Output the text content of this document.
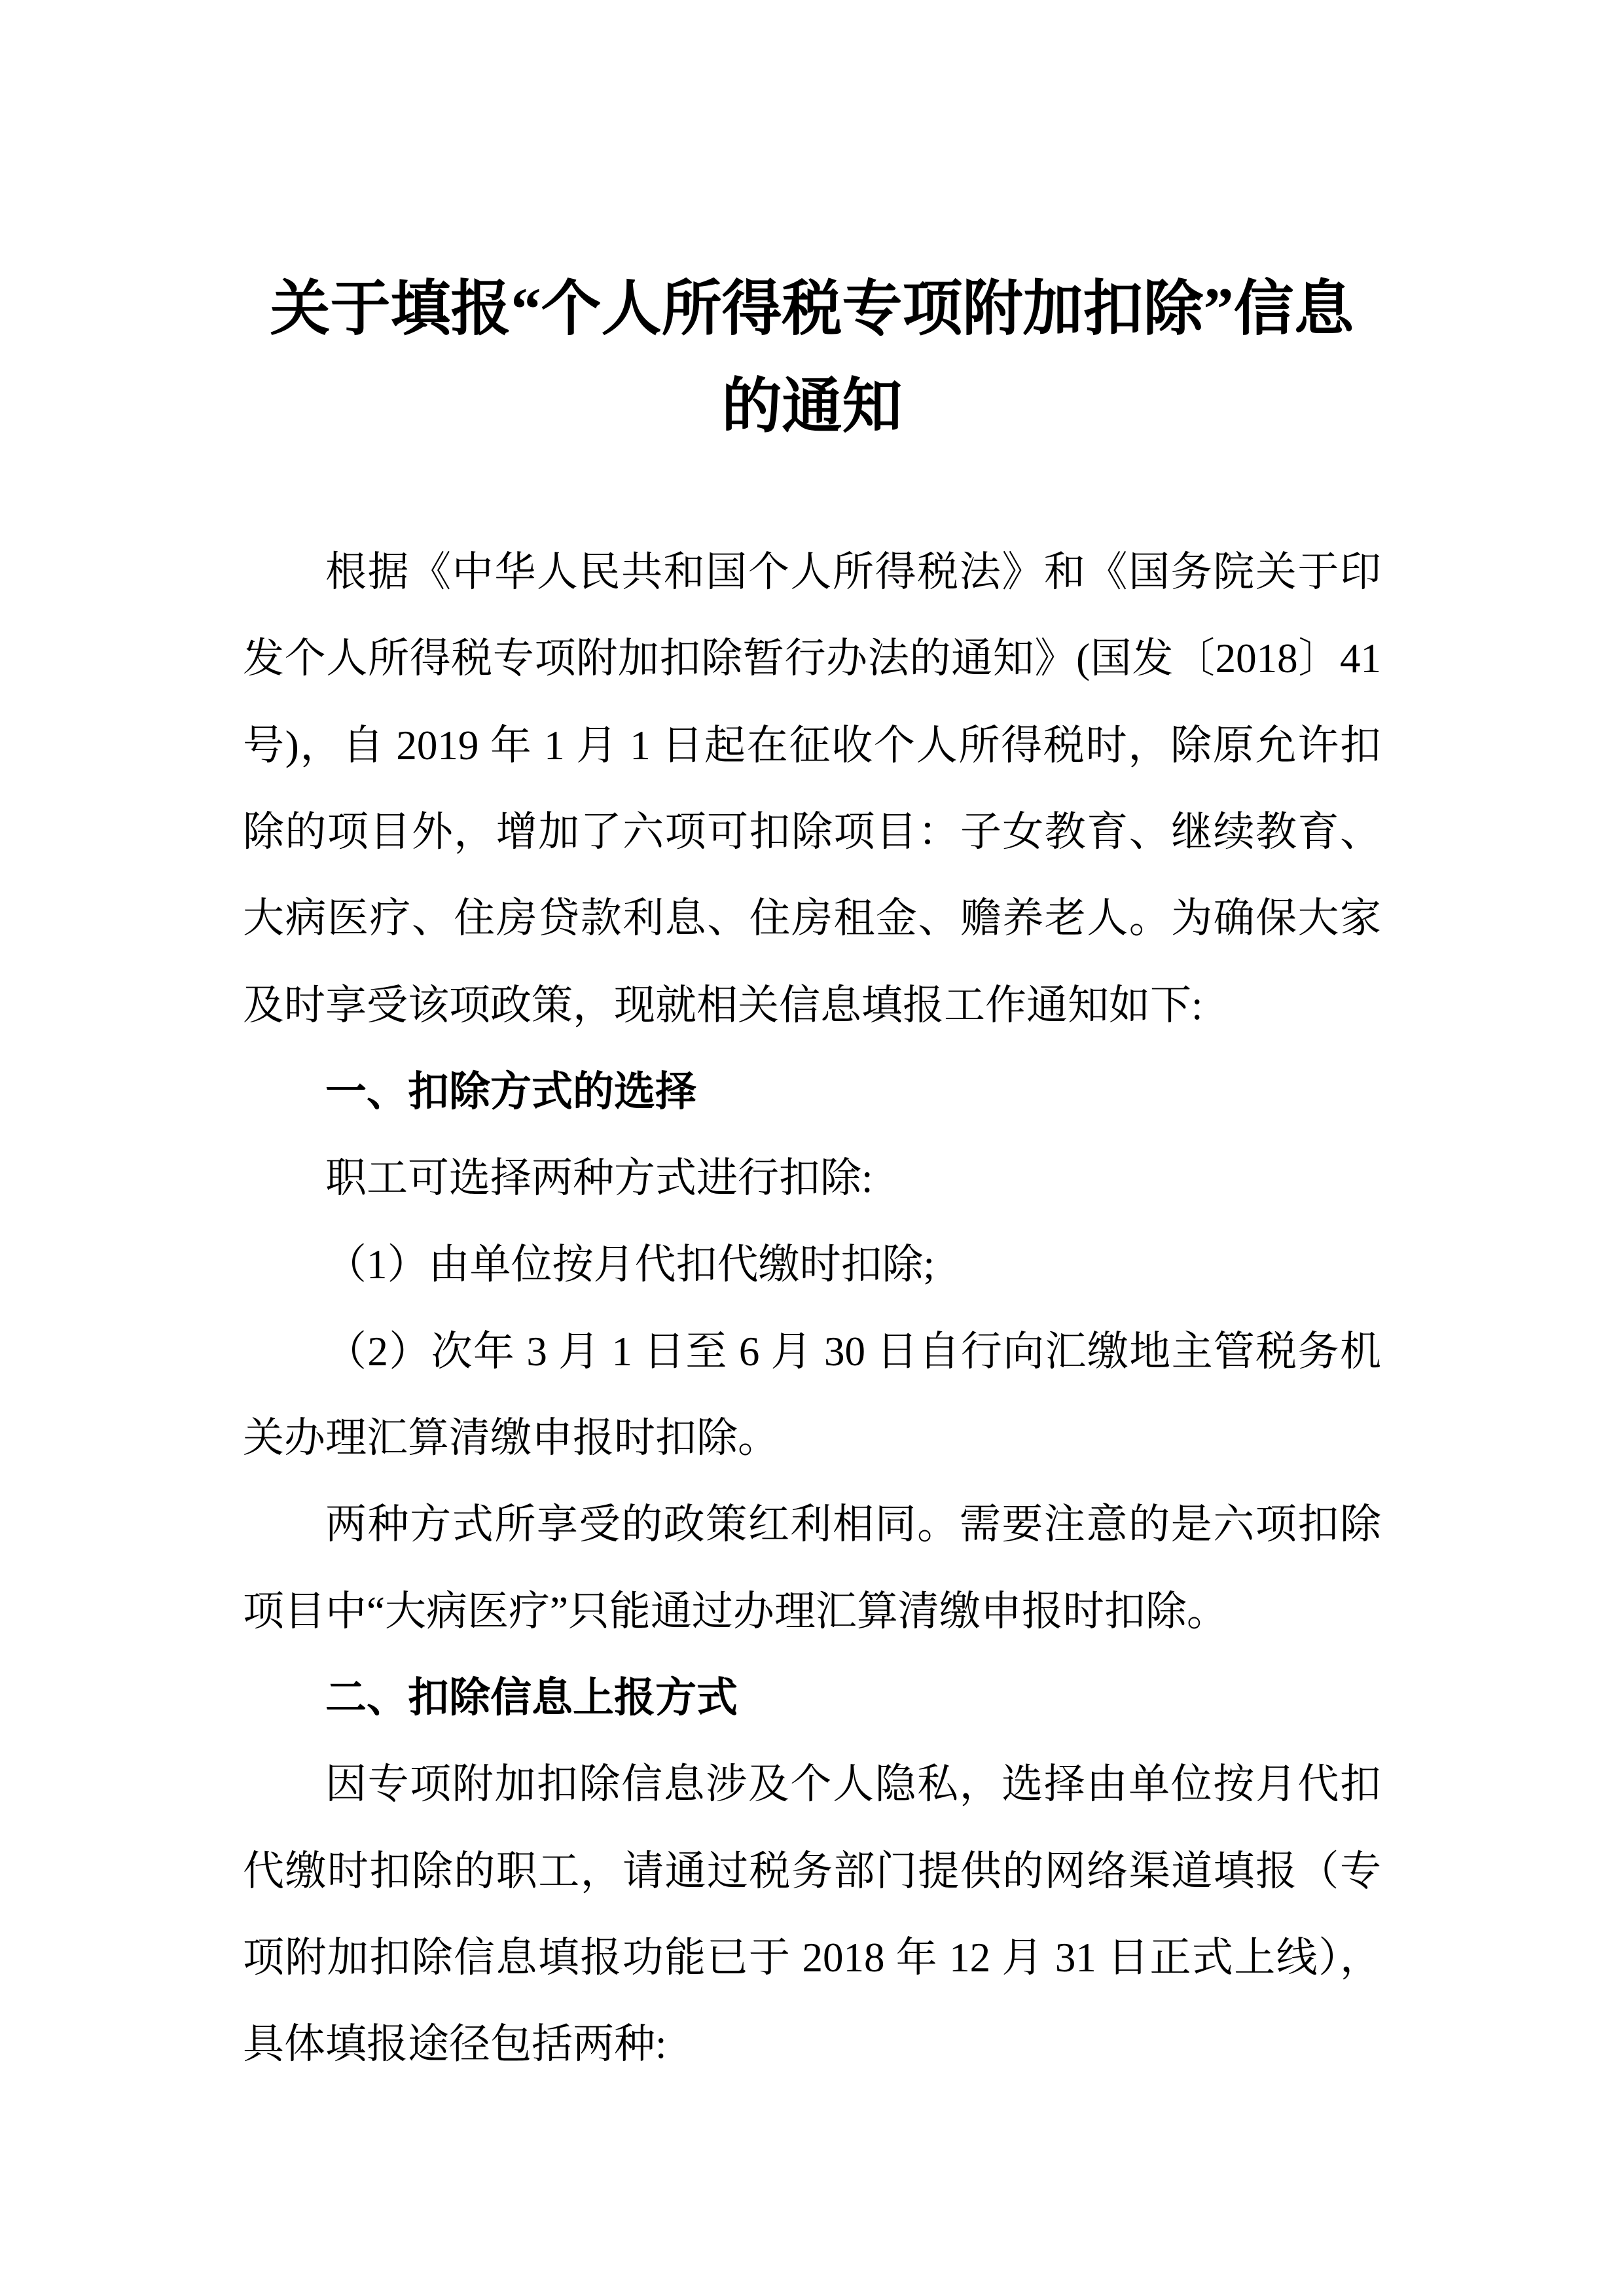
关于填报“个人所得税专项附加扣除”信息的通知

根据《中华人民共和国个人所得税法》和《国务院关于印发个人所得税专项附加扣除暂行办法的通知》(国发〔2018〕41 号)，自 2019 年 1 月 1 日起在征收个人所得税时，除原允许扣除的项目外，增加了六项可扣除项目：子女教育、继续教育、大病医疗、住房贷款利息、住房租金、赡养老人。为确保大家及时享受该项政策，现就相关信息填报工作通知如下:

一、扣除方式的选择

职工可选择两种方式进行扣除:

（1）由单位按月代扣代缴时扣除;

（2）次年 3 月 1 日至 6 月 30 日自行向汇缴地主管税务机关办理汇算清缴申报时扣除。

两种方式所享受的政策红利相同。需要注意的是六项扣除项目中“大病医疗”只能通过办理汇算清缴申报时扣除。

二、扣除信息上报方式

因专项附加扣除信息涉及个人隐私，选择由单位按月代扣代缴时扣除的职工，请通过税务部门提供的网络渠道填报（专项附加扣除信息填报功能已于 2018 年 12 月 31 日正式上线），具体填报途径包括两种:
